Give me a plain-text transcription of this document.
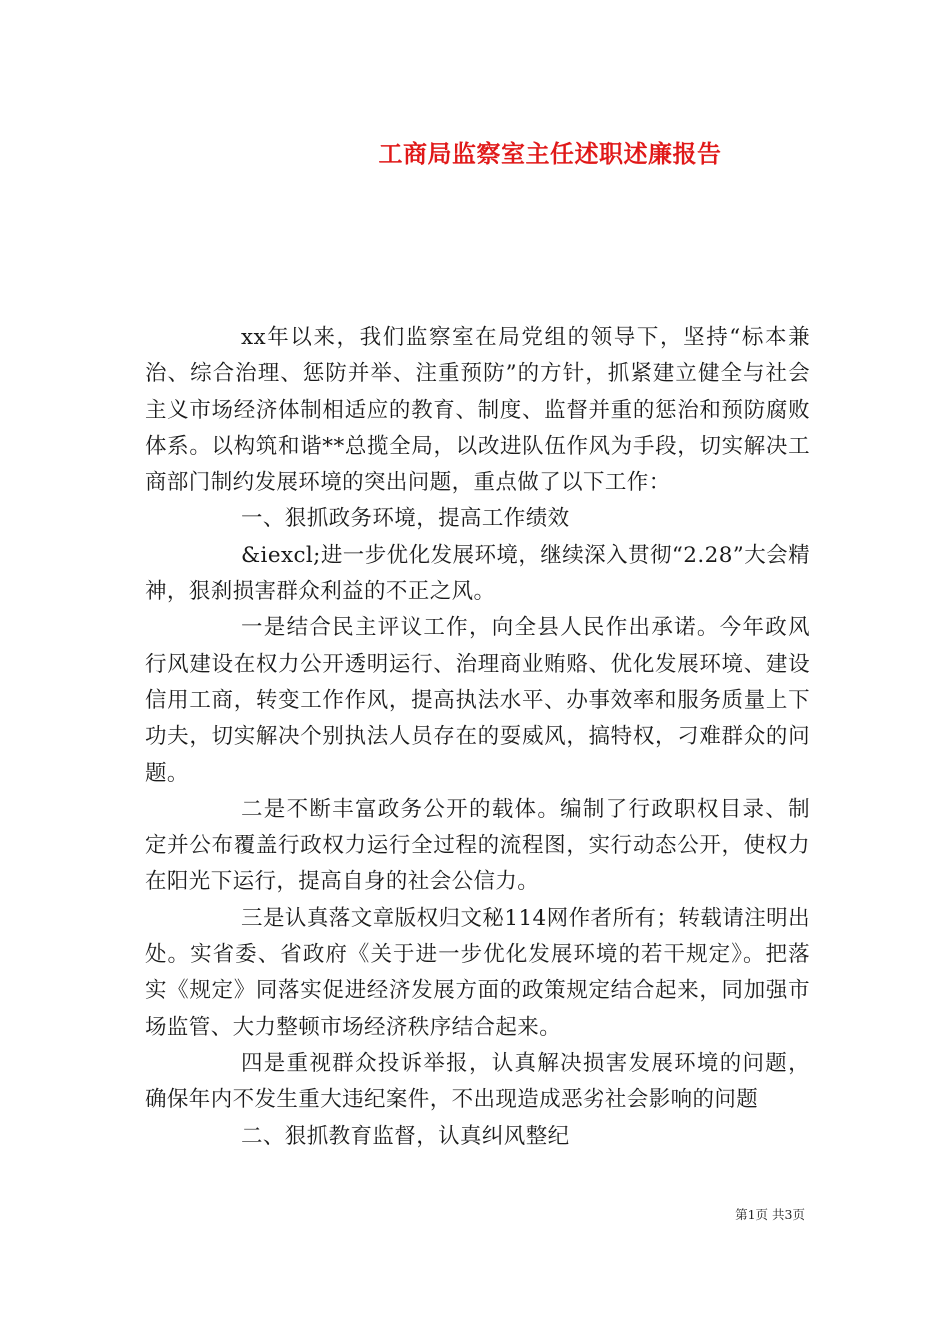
工商局监察室主任述职述廉报告

xx年以来，我们监察室在局党组的领导下，坚持“标本兼治、综合治理、惩防并举、注重预防”的方针，抓紧建立健全与社会主义市场经济体制相适应的教育、制度、监督并重的惩治和预防腐败体系。以构筑和谐**总揽全局，以改进队伍作风为手段，切实解决工商部门制约发展环境的突出问题，重点做了以下工作：

一、狠抓政务环境，提高工作绩效

&iexcl;进一步优化发展环境，继续深入贯彻“2.28”大会精神，狠刹损害群众利益的不正之风。

一是结合民主评议工作，向全县人民作出承诺。今年政风行风建设在权力公开透明运行、治理商业贿赂、优化发展环境、建设信用工商，转变工作作风，提高执法水平、办事效率和服务质量上下功夫，切实解决个别执法人员存在的耍威风，搞特权，刁难群众的问题。

二是不断丰富政务公开的载体。编制了行政职权目录、制定并公布覆盖行政权力运行全过程的流程图，实行动态公开，使权力在阳光下运行，提高自身的社会公信力。

三是认真落文章版权归文秘114网作者所有；转载请注明出处。实省委、省政府《关于进一步优化发展环境的若干规定》。把落实《规定》同落实促进经济发展方面的政策规定结合起来，同加强市场监管、大力整顿市场经济秩序结合起来。

四是重视群众投诉举报，认真解决损害发展环境的问题，确保年内不发生重大违纪案件，不出现造成恶劣社会影响的问题

二、狠抓教育监督，认真纠风整纪

第1页 共3页
